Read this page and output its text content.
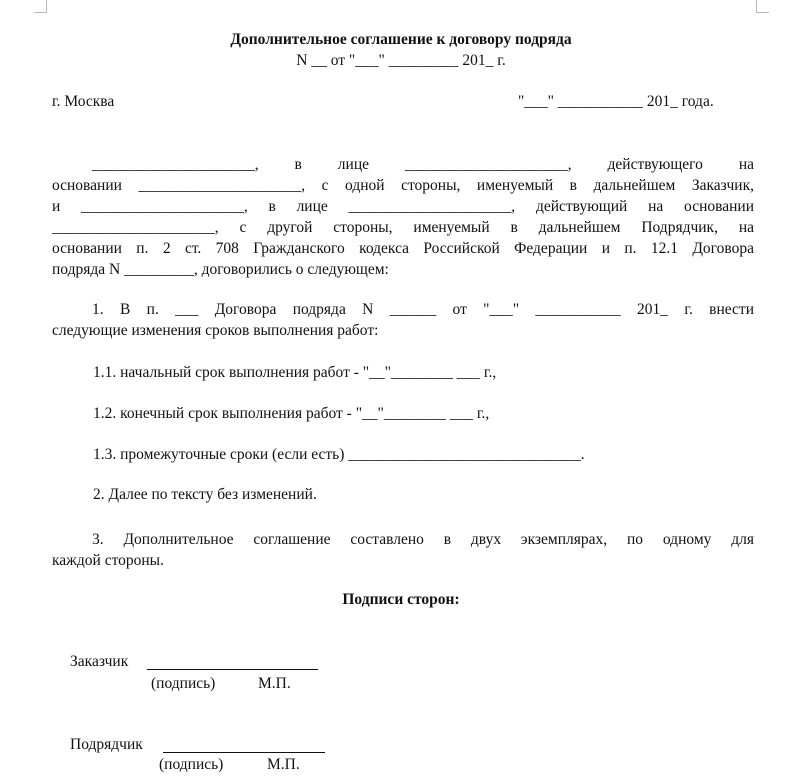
Дополнительное соглашение к договору подряда
N __ от "___" _________ 201_ г.
г. Москва	"___" ___________ 201_ года.
_____________________, в лице _____________________, действующего на
основании _____________________, с одной стороны, именуемый в дальнейшем Заказчик,
и _____________________, в лице _____________________, действующий на основании
_____________________, с другой стороны, именуемый в дальнейшем Подрядчик, на
основании п. 2 ст. 708 Гражданского кодекса Российской Федерации и п. 12.1 Договора
подряда N _________, договорились о следующем:
1. В п. ___ Договора подряда N ______ от "___" ___________ 201_ г. внести
следующие изменения сроков выполнения работ:
1.1. начальный срок выполнения работ - "__"________ ___ г.,
1.2. конечный срок выполнения работ - "__"________ ___ г.,
1.3. промежуточные сроки (если есть) ______________________________.
2. Далее по тексту без изменений.
3. Дополнительное соглашение составлено в двух экземплярах, по одному для
каждой стороны.
Подписи сторон:
Заказчик
(подпись)	М.П.
Подрядчик
(подпись)	М.П.
